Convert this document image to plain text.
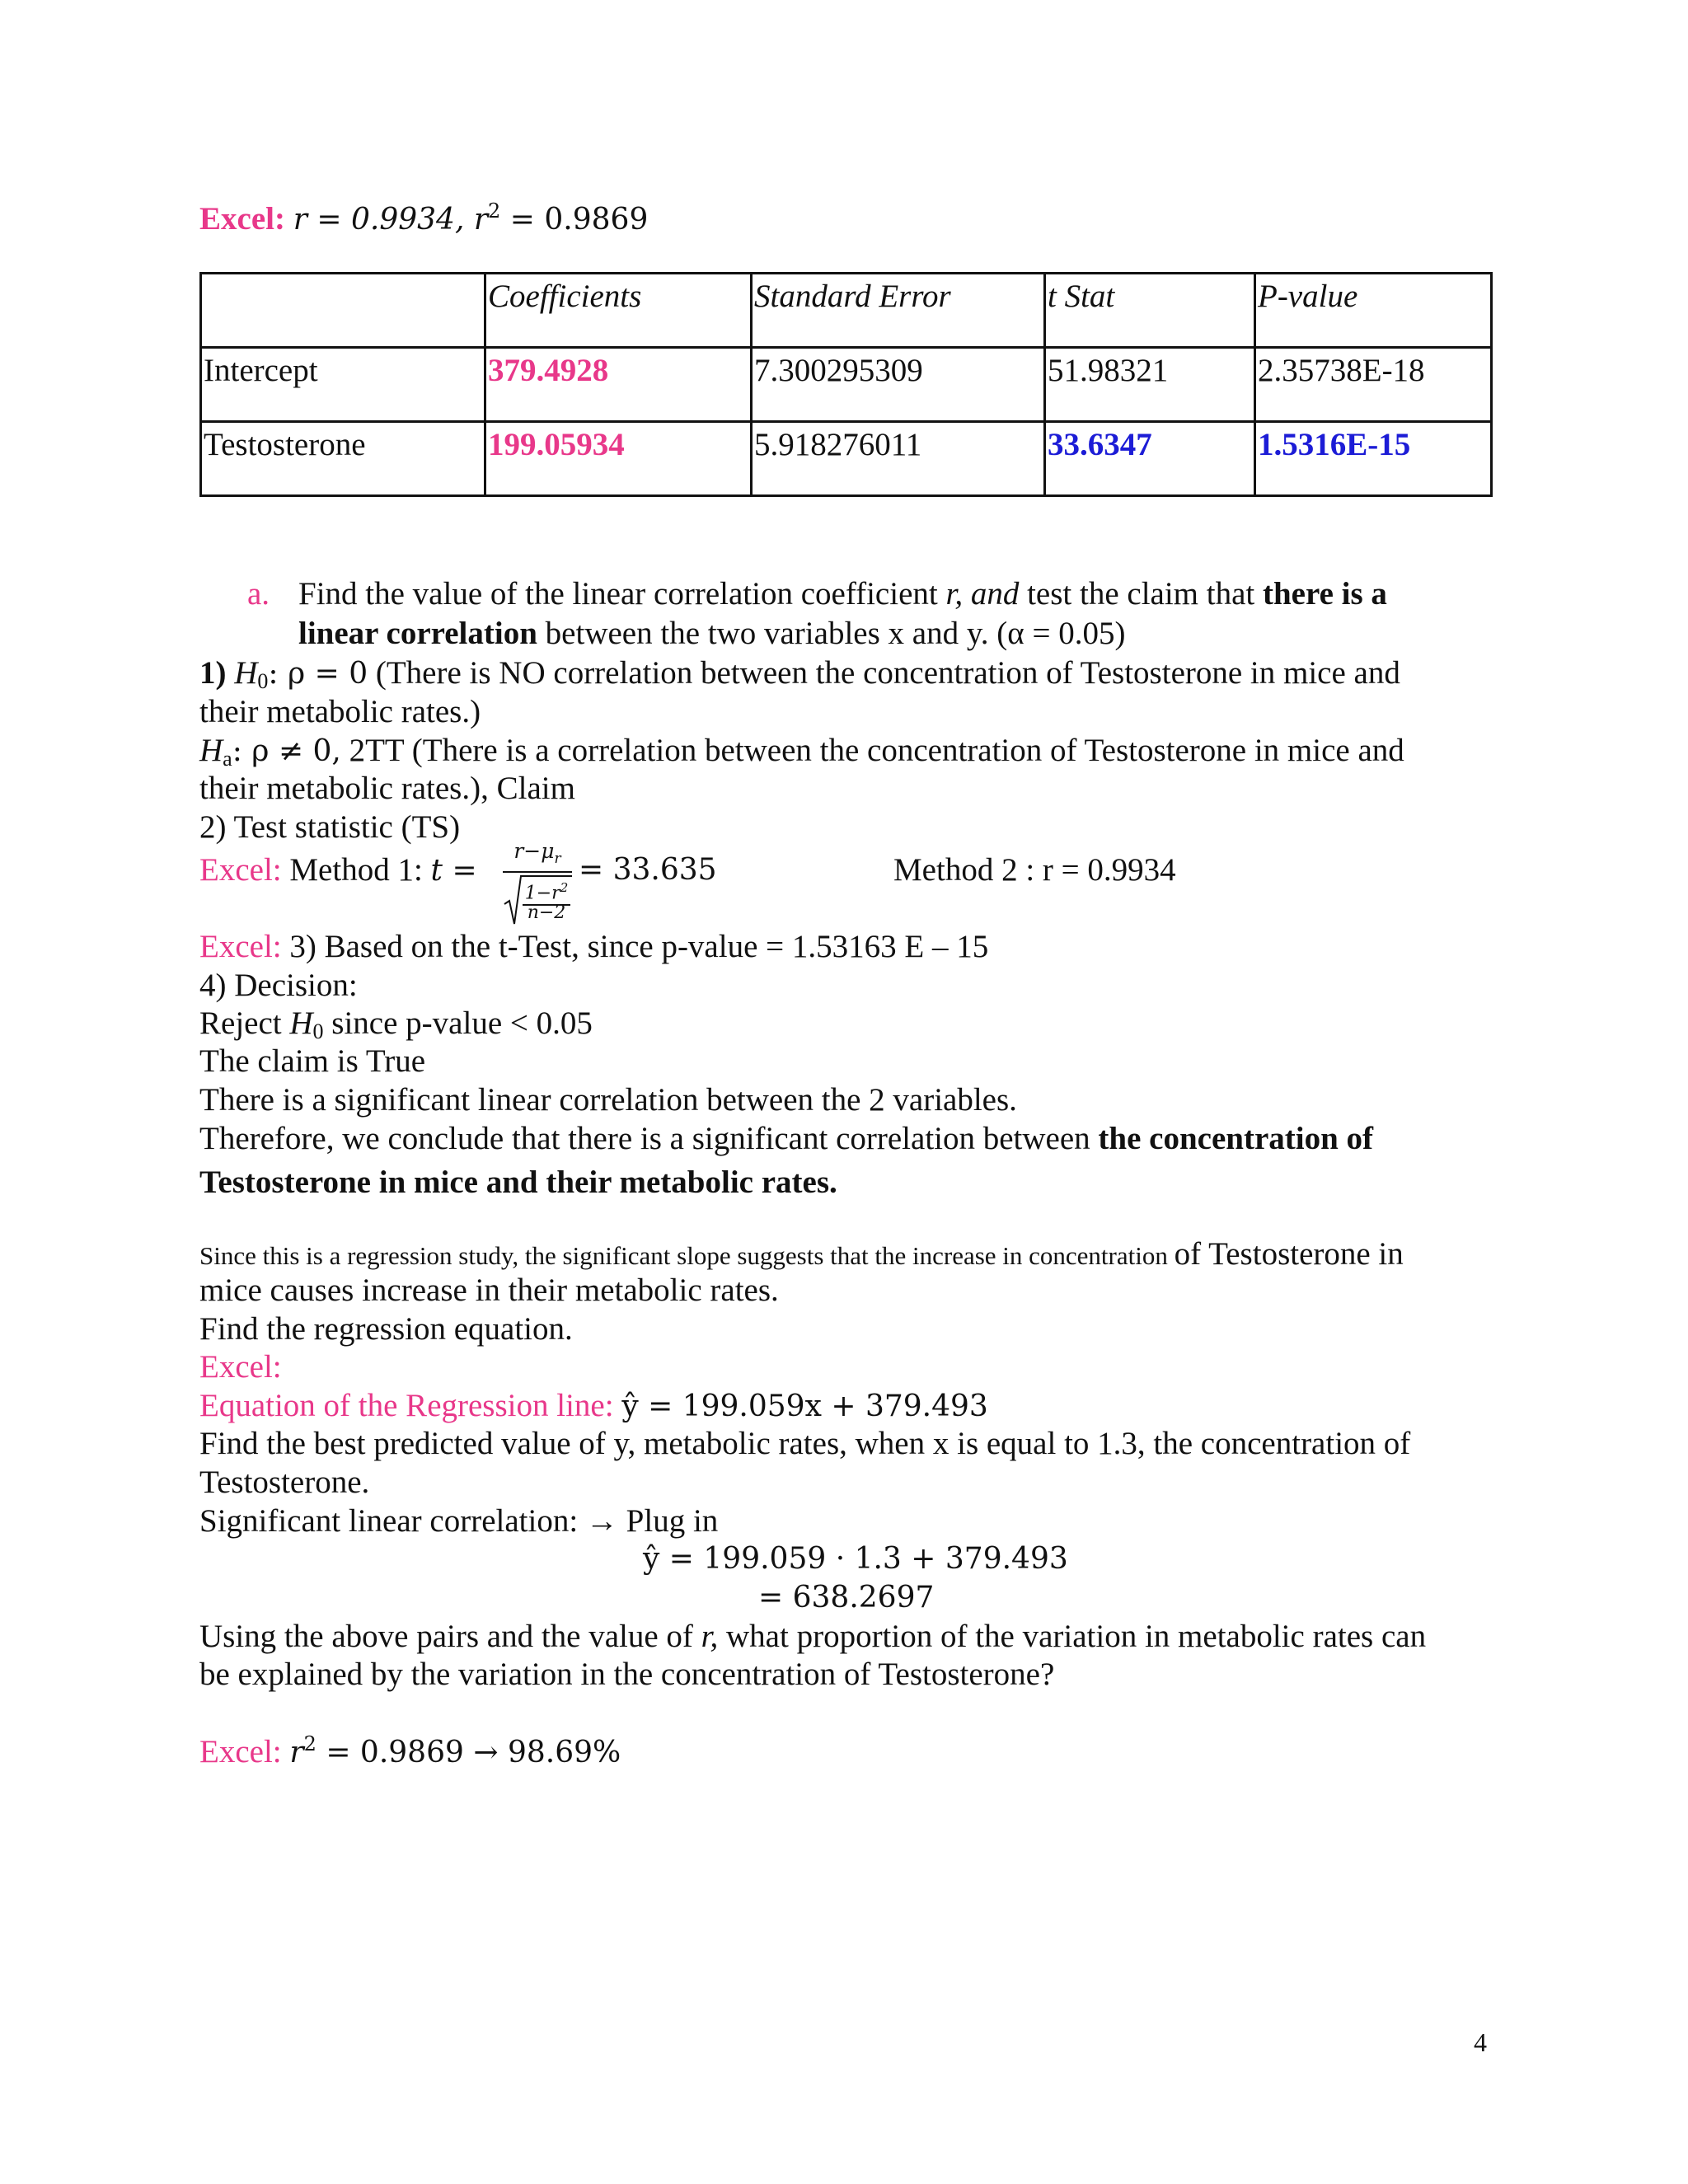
Excel: r = 0.9934, $r^2 = 0.9869$
	Coefficients	Standard Error	t Stat	P-value
Intercept	379.4928	7.300295309	51.98321	2.35738E-18
Testosterone	199.05934	5.918276011	33.6347	1.5316E-15
a. Find the value of the linear correlation coefficient r, and test the claim that there is a
linear correlation between the two variables x and y. (α = 0.05)
1) $H_0$: ρ = 0 (There is NO correlation between the concentration of Testosterone in mice and
their metabolic rates.)
$H_a$: ρ ≠ 0, 2TT (There is a correlation between the concentration of Testosterone in mice and
their metabolic rates.), Claim
2) Test statistic (TS)
Excel: Method 1: t =
$r-\mu_r$
$1-r^2$
n−2
= 33.635	Method 2 : r = 0.9934
Excel: 3) Based on the t-Test, since p-value = 1.53163 E – 15
4) Decision:
Reject $H_0$ since p-value < 0.05
The claim is True
There is a significant linear correlation between the 2 variables.
Therefore, we conclude that there is a significant correlation between the concentration of
Testosterone in mice and their metabolic rates.
Since this is a regression study, the significant slope suggests that the increase in concentration of Testosterone in
mice causes increase in their metabolic rates.
Find the regression equation.
Excel:
Equation of the Regression line: ŷ = 199.059x + 379.493
Find the best predicted value of y, metabolic rates, when x is equal to 1.3, the concentration of
Testosterone.
Significant linear correlation: → Plug in
ŷ = 199.059 · 1.3 + 379.493
= 638.2697
Using the above pairs and the value of r, what proportion of the variation in metabolic rates can
be explained by the variation in the concentration of Testosterone?
Excel: $r^2 = 0.9869 \to 98.69\%$
4
